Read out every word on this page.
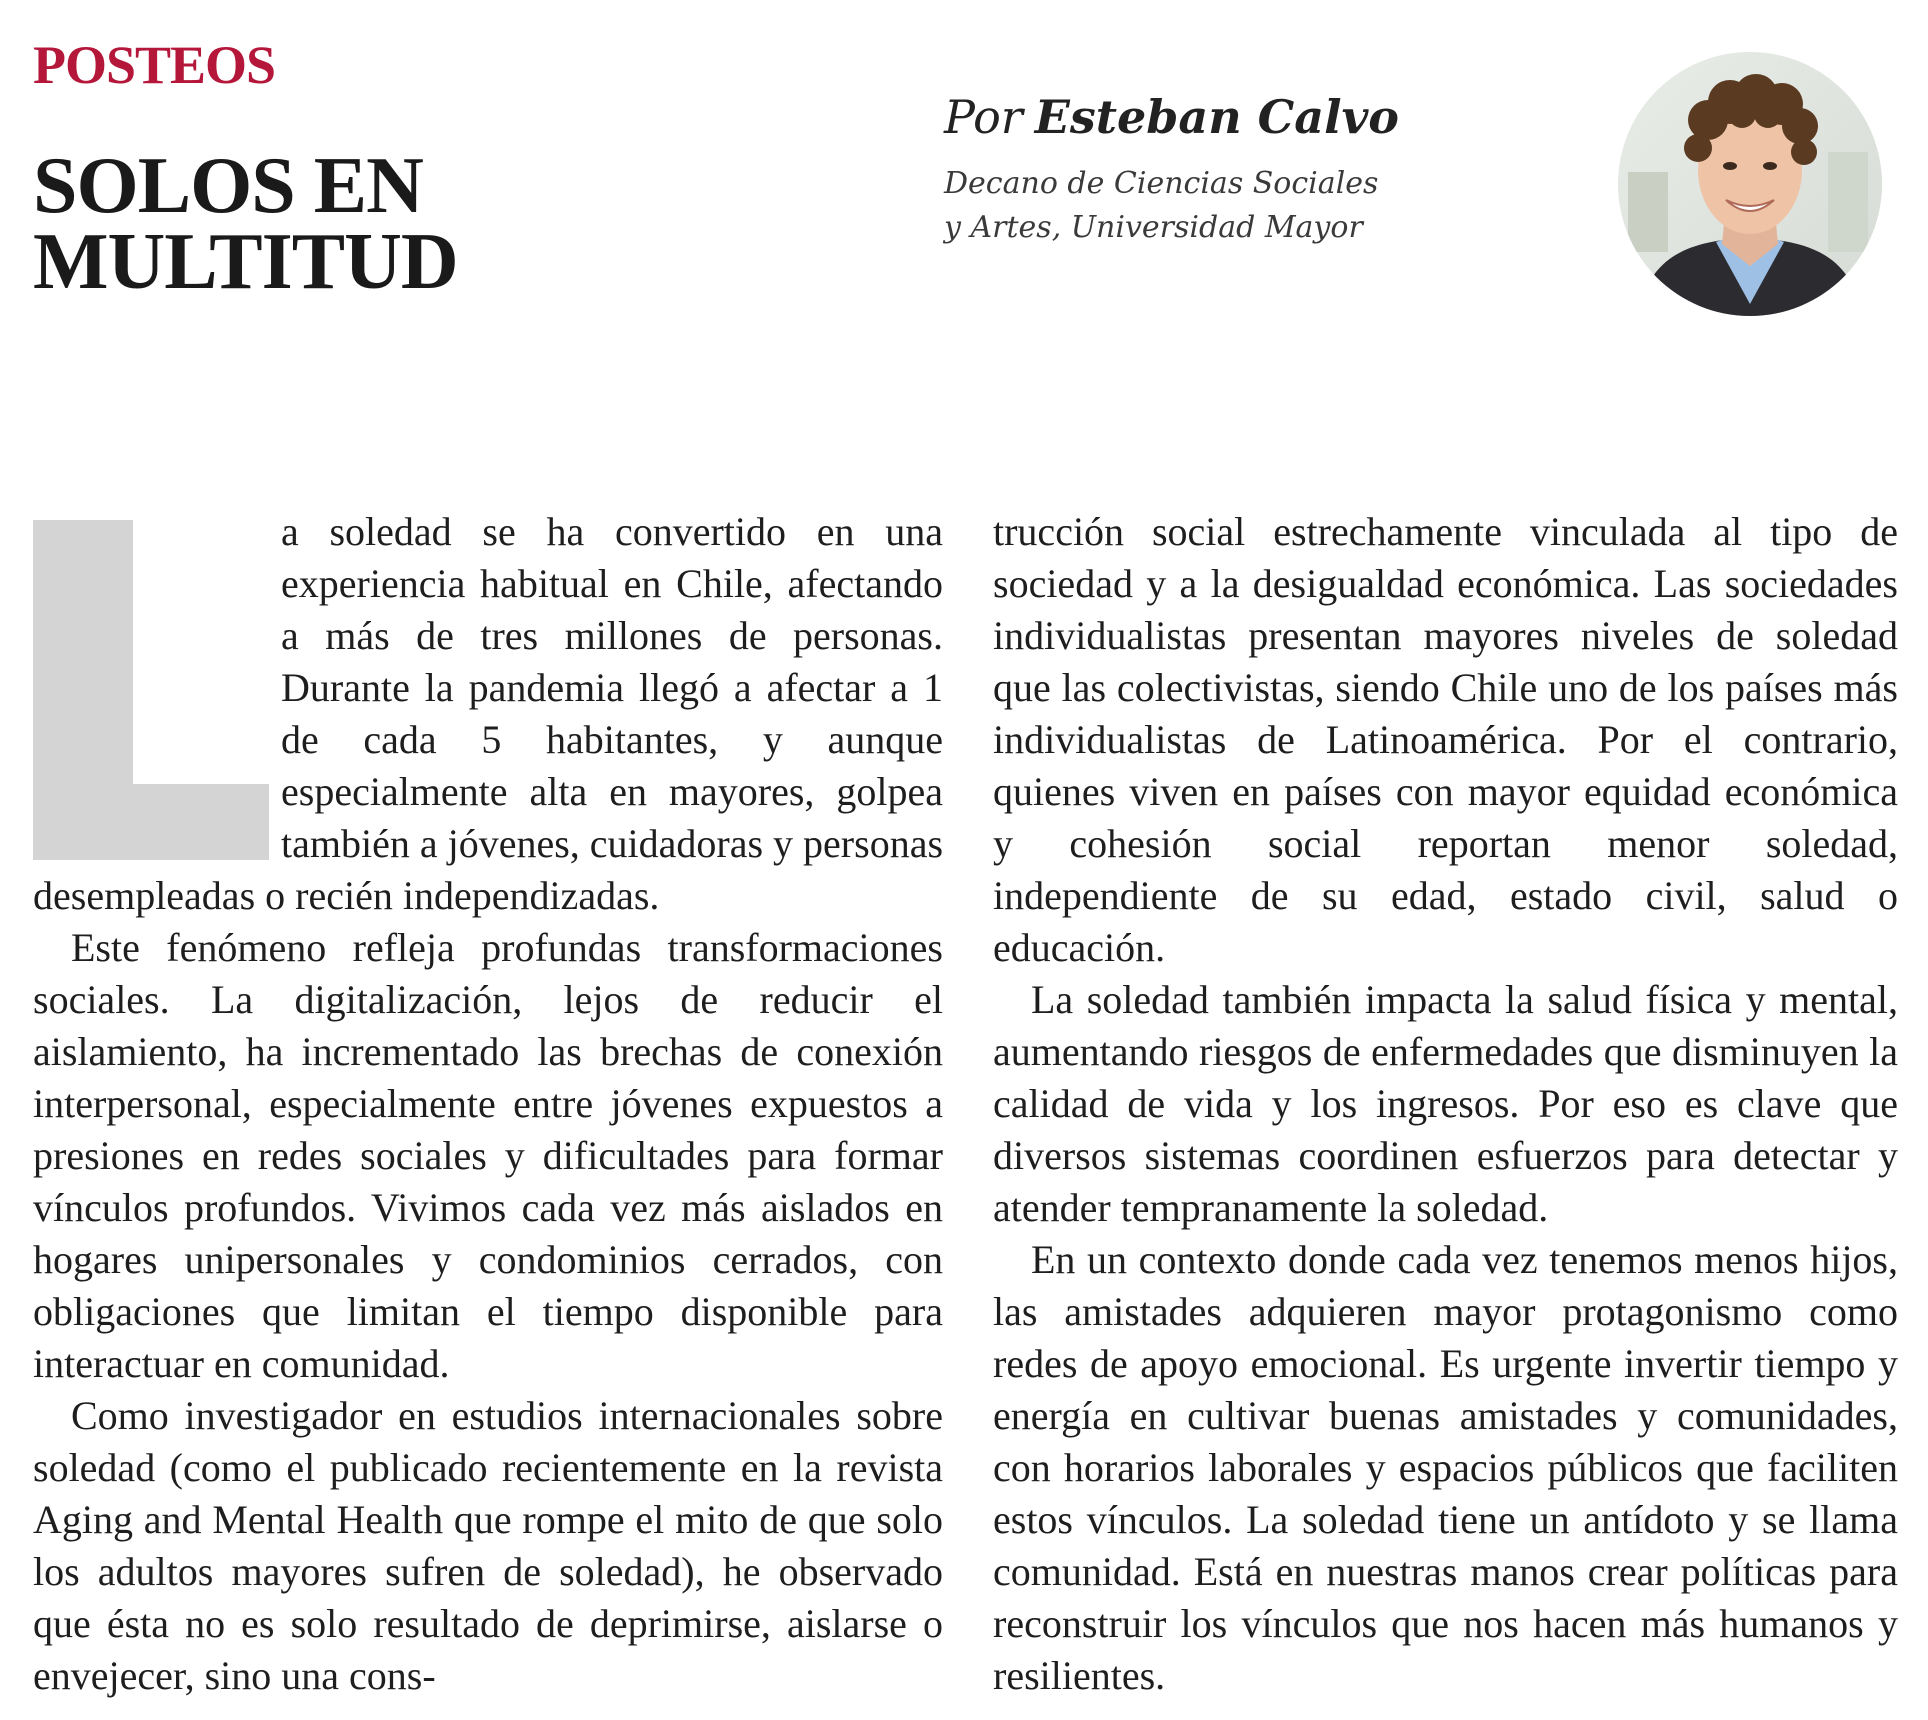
POSTEOS
SOLOS EN
MULTITUD

Por Esteban Calvo

Decano de Ciencias Sociales
y Artes, Universidad Mayor

a soledad se ha convertido en una experiencia habitual en Chile, afectando a más de tres millones de personas. Durante la pandemia llegó a afectar a 1 de cada 5 habitantes, y aunque especialmente alta en mayores, golpea también a jóvenes, cuidadoras y personas desempleadas o recién independizadas.

Este fenómeno refleja profundas transformaciones sociales. La digitalización, lejos de reducir el aislamiento, ha incrementado las brechas de conexión interpersonal, especialmente entre jóvenes expuestos a presiones en redes sociales y dificultades para formar vínculos profundos. Vivimos cada vez más aislados en hogares unipersonales y condominios cerrados, con obligaciones que limitan el tiempo disponible para interactuar en comunidad.

Como investigador en estudios internacionales sobre soledad (como el publicado recientemente en la revista Aging and Mental Health que rompe el mito de que solo los adultos mayores sufren de soledad), he observado que ésta no es solo resultado de deprimirse, aislarse o envejecer, sino una cons-

trucción social estrechamente vinculada al tipo de sociedad y a la desigualdad económica. Las sociedades individualistas presentan mayores niveles de soledad que las colectivistas, siendo Chile uno de los países más individualistas de Latinoamérica. Por el contrario, quienes viven en países con mayor equidad económica y cohesión social reportan menor soledad, independiente de su edad, estado civil, salud o educación.

La soledad también impacta la salud física y mental, aumentando riesgos de enfermedades que disminuyen la calidad de vida y los ingresos. Por eso es clave que diversos sistemas coordinen esfuerzos para detectar y atender tempranamente la soledad.

En un contexto donde cada vez tenemos menos hijos, las amistades adquieren mayor protagonismo como redes de apoyo emocional. Es urgente invertir tiempo y energía en cultivar buenas amistades y comunidades, con horarios laborales y espacios públicos que faciliten estos vínculos. La soledad tiene un antídoto y se llama comunidad. Está en nuestras manos crear políticas para reconstruir los vínculos que nos hacen más humanos y resilientes.
